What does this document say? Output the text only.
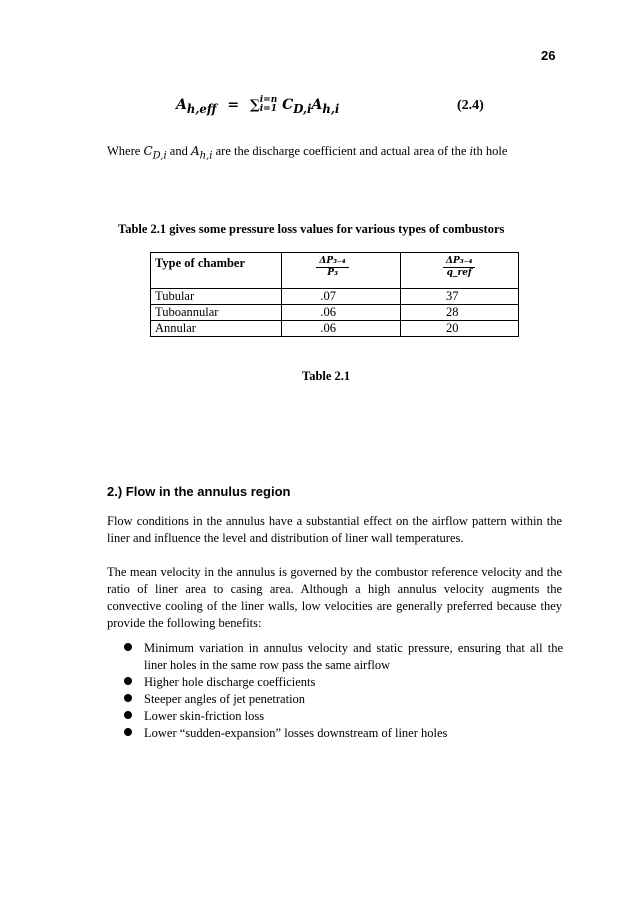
26
$A_{h,eff} = \sum i=n$
i=1 $C_{D,i}A_{h,i}$	(2.4)
Where $C_{D,i}$ and $A_{h,i}$ are the discharge coefficient and actual area of the ith hole
Table 2.1 gives some pressure loss values for various types of combustors
Type of chamber	$\frac{\text{ΔP₃₋₄}}{\text{P₃}}$	$\frac{\text{ΔP₃₋₄}}{\text{q\_ref}}$

Tubular	.07	37
Tuboannular	.06	28
Annular	.06	20
Table 2.1
2.) Flow in the annulus region

Flow conditions in the annulus have a substantial effect on the airflow pattern within the liner and influence the level and distribution of liner wall temperatures.

The mean velocity in the annulus is governed by the combustor reference velocity and the ratio of liner area to casing area. Although a high annulus velocity augments the convective cooling of the liner walls, low velocities are generally preferred because they provide the following benefits:

Minimum variation in annulus velocity and static pressure, ensuring that all the liner holes in the same row pass the same airflow
Higher hole discharge coefficients
Steeper angles of jet penetration
Lower skin-friction loss
Lower “sudden-expansion” losses downstream of liner holes
